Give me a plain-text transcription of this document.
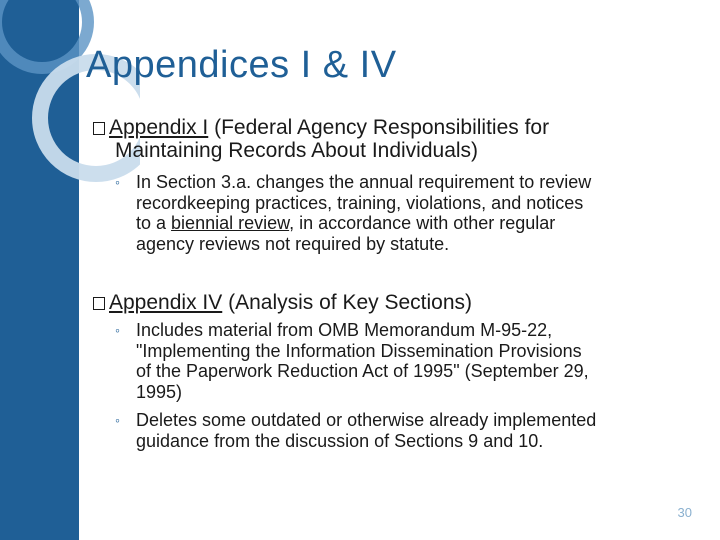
Appendices I & IV
Appendix I (Federal Agency Responsibilities for
Maintaining Records About Individuals)
◦ In Section 3.a. changes the annual requirement to review
recordkeeping practices, training, violations, and notices
to a biennial review, in accordance with other regular
agency reviews not required by statute.
Appendix IV (Analysis of Key Sections)
◦ Includes material from OMB Memorandum M-95-22,
"Implementing the Information Dissemination Provisions
of the Paperwork Reduction Act of 1995" (September 29,
1995)
◦ Deletes some outdated or otherwise already implemented
guidance from the discussion of Sections 9 and 10.
30
